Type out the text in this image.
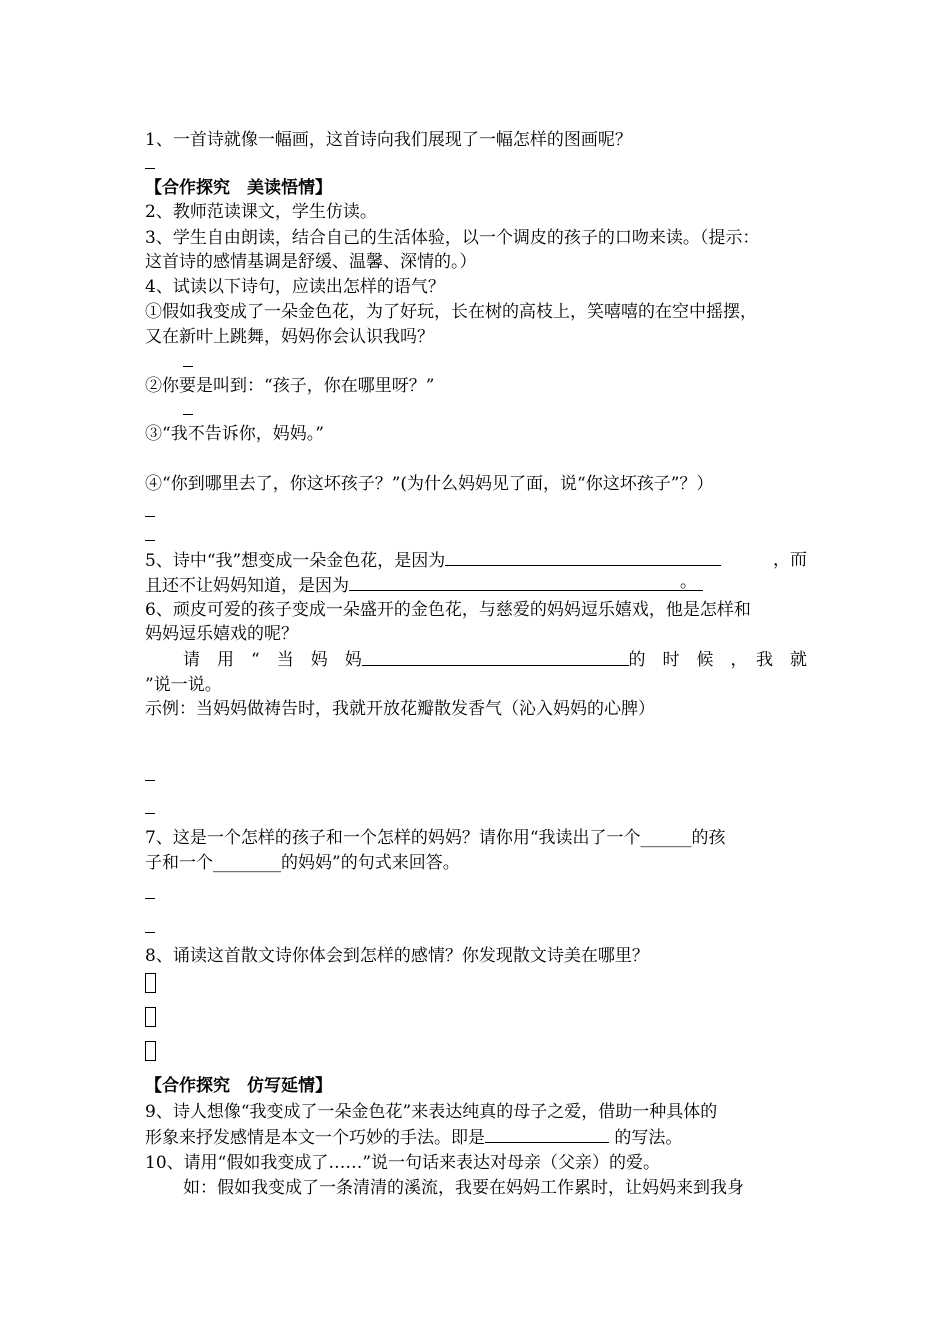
1、一首诗就像一幅画，这首诗向我们展现了一幅怎样的图画呢？
【合作探究　美读悟情】
2、教师范读课文，学生仿读。
3、学生自由朗读，结合自己的生活体验，以一个调皮的孩子的口吻来读。（提示：
这首诗的感情基调是舒缓、温馨、深情的。）
4、试读以下诗句，应读出怎样的语气？
①假如我变成了一朵金色花，为了好玩，长在树的高枝上，笑嘻嘻的在空中摇摆，
又在新叶上跳舞，妈妈你会认识我吗？
②你要是叫到：“孩子，你在哪里呀？”
③“我不告诉你，妈妈。”
④“你到哪里去了，你这坏孩子？”(为什么妈妈见了面，说“你这坏孩子”？）
5、诗中“我”想变成一朵金色花，是因为	，而
且还不让妈妈知道，是因为	。
6、顽皮可爱的孩子变成一朵盛开的金色花，与慈爱的妈妈逗乐嬉戏，他是怎样和
妈妈逗乐嬉戏的呢？
请　用　“　当　妈　妈	的　时　候　，　我　就
”说一说。
示例：当妈妈做祷告时，我就开放花瓣散发香气（沁入妈妈的心脾）
7、这是一个怎样的孩子和一个怎样的妈妈？请你用“我读出了一个______的孩
子和一个________的妈妈”的句式来回答。
8、诵读这首散文诗你体会到怎样的感情？你发现散文诗美在哪里？
【合作探究　仿写延情】
9、诗人想像“我变成了一朵金色花”来表达纯真的母子之爱，借助一种具体的
形象来抒发感情是本文一个巧妙的手法。即是	的写法。
10、请用“假如我变成了……”说一句话来表达对母亲（父亲）的爱。
如：假如我变成了一条清清的溪流，我要在妈妈工作累时，让妈妈来到我身
